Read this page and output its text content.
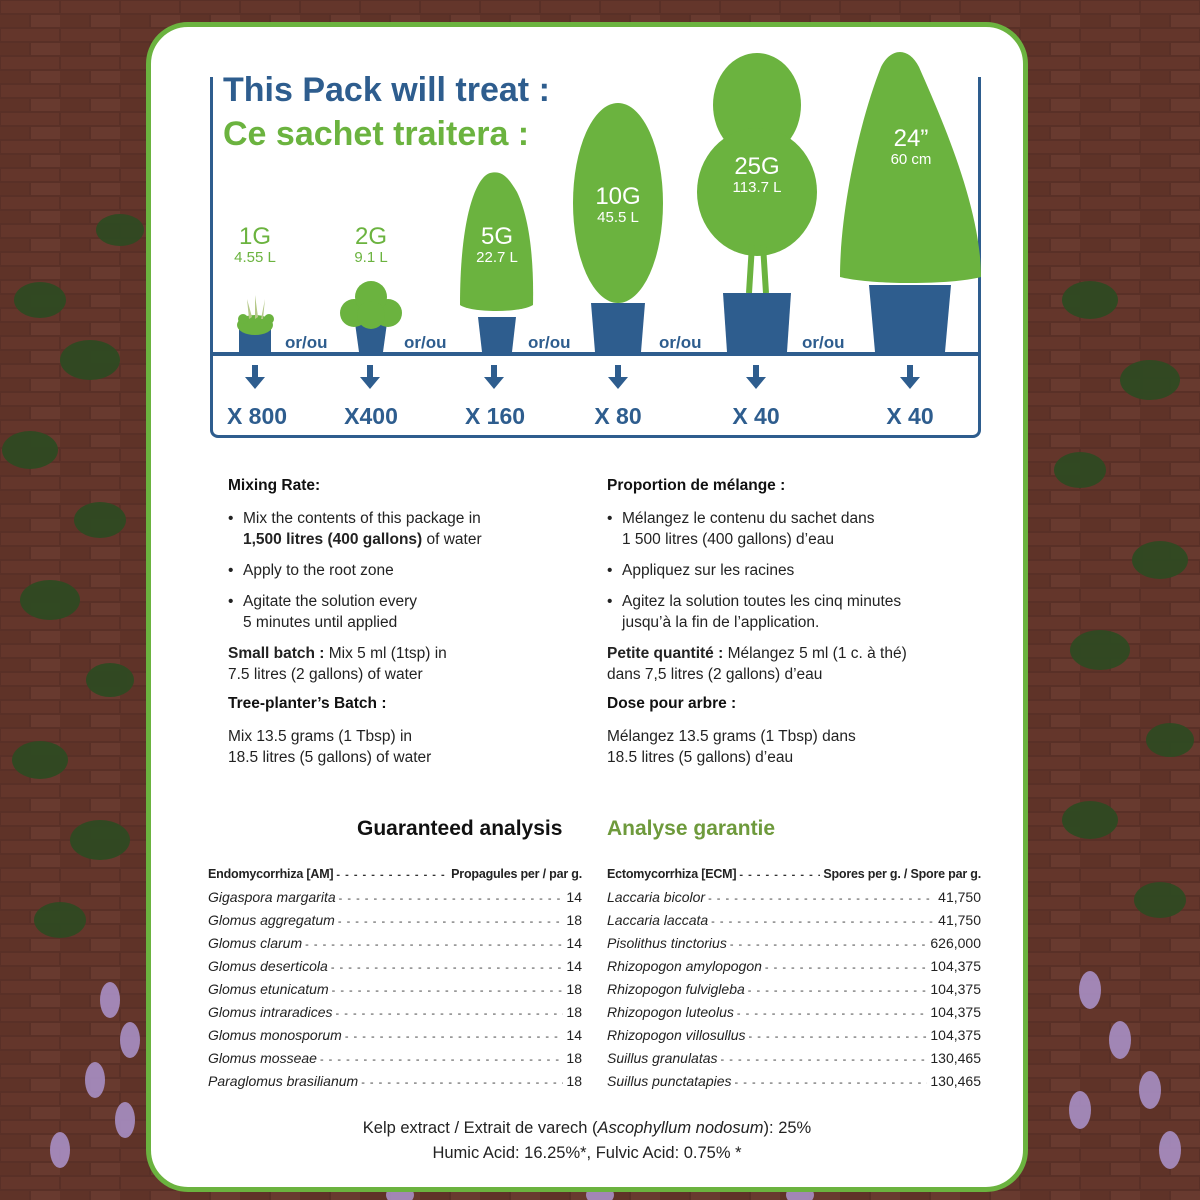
This Pack will treat :
Ce sachet traitera :
1G
4.55 L
2G
9.1 L
5G
22.7 L
10G
45.5 L
25G
113.7 L
24”
60 cm
or/ou	or/ou	or/ou	or/ou	or/ou
X 800	X400	X 160	X 80	X 40	X 40
Mixing Rate:
• Mix the contents of this package in
1,500 litres (400 gallons) of water
• Apply to the root zone
• Agitate the solution every
5 minutes until applied
Small batch : Mix 5 ml (1tsp) in
7.5 litres (2 gallons) of water
Tree-planter’s Batch :
Mix 13.5 grams (1 Tbsp) in
18.5 litres (5 gallons) of water
Proportion de mélange :
• Mélangez le contenu du sachet dans
1 500 litres (400 gallons) d’eau
• Appliquez sur les racines
• Agitez la solution toutes les cinq minutes
jusqu’à la fin de l’application.
Petite quantité : Mélangez 5 ml (1 c. à thé)
dans 7,5 litres (2 gallons) d’eau
Dose pour arbre :
Mélangez 13.5 grams (1 Tbsp) dans
18.5 litres (5 gallons) d’eau
Guaranteed analysis Analyse garantie
Endomycorrhiza [AM] - - -	Propagules per / par g.
Gigaspora margarita - - -	14
Glomus aggregatum - - -	18
Glomus clarum - - -	14
Glomus deserticola - - -	14
Glomus etunicatum - - -	18
Glomus intraradices - - -	18
Glomus monosporum - - -	14
Glomus mosseae - - -	18
Paraglomus brasilianum - - -	18
Ectomycorrhiza [ECM] - - -	Spores per g. / Spore par g.
Laccaria bicolor - - -	41,750
Laccaria laccata - - -	41,750
Pisolithus tinctorius - - -	626,000
Rhizopogon amylopogon - - -	104,375
Rhizopogon fulvigleba - - -	104,375
Rhizopogon luteolus - - -	104,375
Rhizopogon villosullus - - -	104,375
Suillus granulatas - - -	130,465
Suillus punctatapies - - -	130,465
Kelp extract / Extrait de varech (Ascophyllum nodosum): 25%
Humic Acid: 16.25%*, Fulvic Acid: 0.75% *
